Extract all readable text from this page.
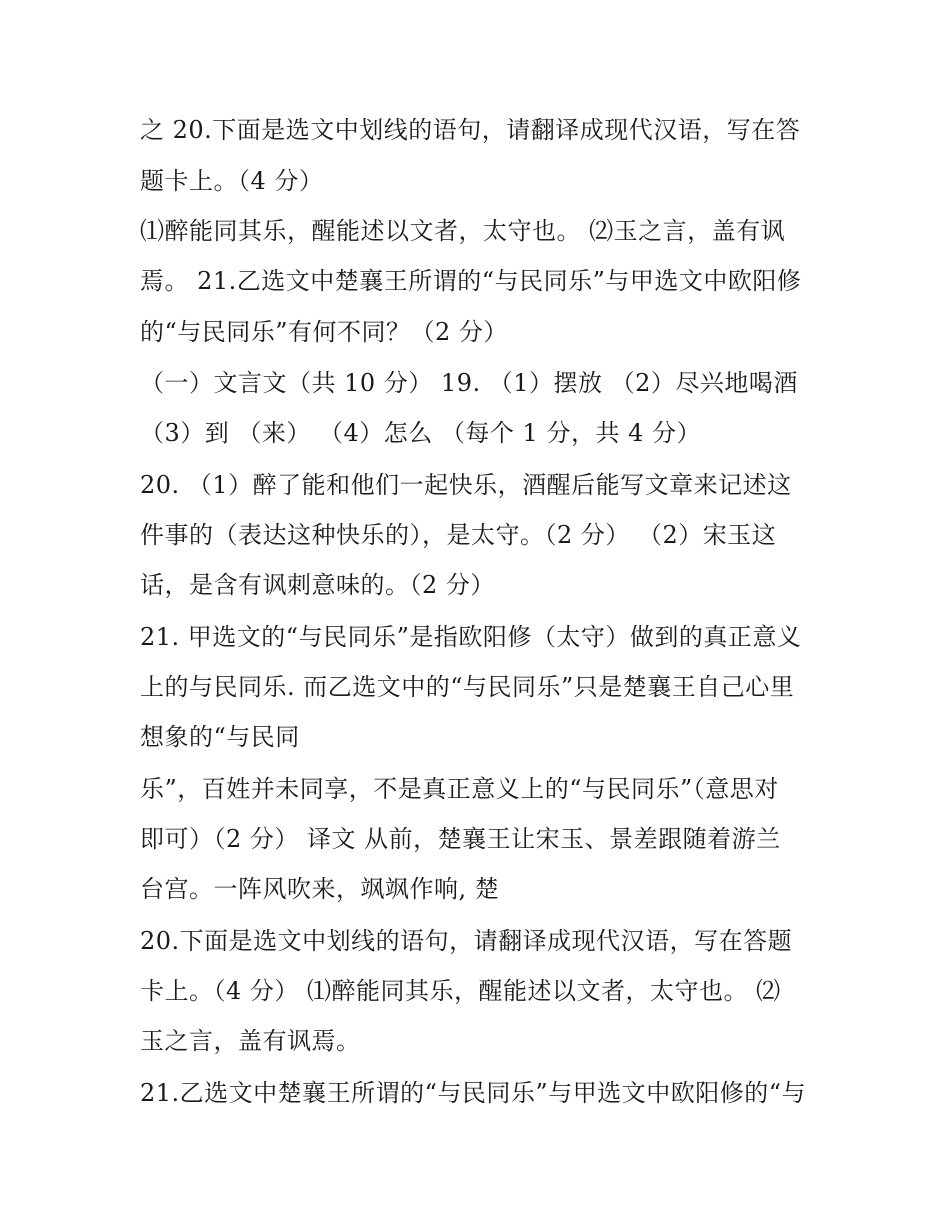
之 20.下面是选文中划线的语句，请翻译成现代汉语，写在答
题卡上。（4 分）
⑴醉能同其乐，醒能述以文者，太守也。 ⑵玉之言，盖有讽
焉。 21.乙选文中楚襄王所谓的“与民同乐”与甲选文中欧阳修
的“与民同乐”有何不同？（2 分）
（一）文言文（共 10 分） 19. （1）摆放 （2）尽兴地喝酒
（3）到 （来） （4）怎么 （每个 1 分，共 4 分）
20. （1）醉了能和他们一起快乐，酒醒后能写文章来记述这
件事的（表达这种快乐的），是太守。（2 分） （2）宋玉这
话，是含有讽刺意味的。（2 分）
21. 甲选文的“与民同乐”是指欧阳修（太守）做到的真正意义
上的与民同乐. 而乙选文中的“与民同乐”只是楚襄王自己心里
想象的“与民同
乐”，百姓并未同享，不是真正意义上的“与民同乐”（意思对
即可）（2 分） 译文 从前，楚襄王让宋玉、景差跟随着游兰
台宫。一阵风吹来，飒飒作响, 楚
20.下面是选文中划线的语句，请翻译成现代汉语，写在答题
卡上。（4 分） ⑴醉能同其乐，醒能述以文者，太守也。 ⑵
玉之言，盖有讽焉。
21.乙选文中楚襄王所谓的“与民同乐”与甲选文中欧阳修的“与
